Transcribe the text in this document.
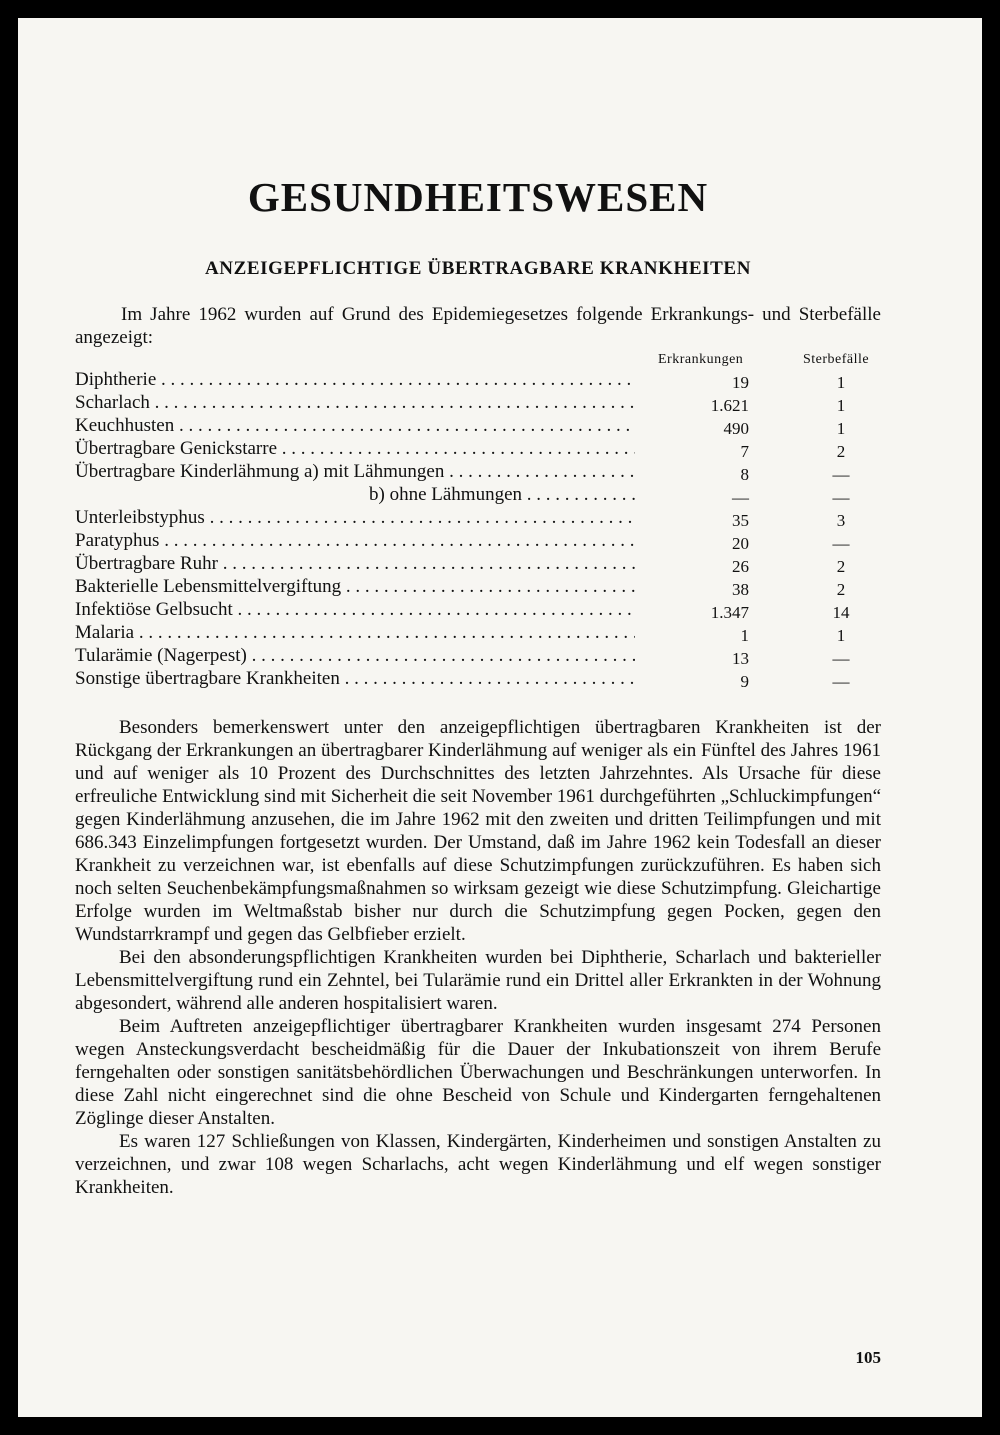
GESUNDHEITSWESEN
ANZEIGEPFLICHTIGE ÜBERTRAGBARE KRANKHEITEN

Im Jahre 1962 wurden auf Grund des Epidemiegesetzes folgende Erkrankungs- und Sterbefälle angezeigt:

Erkrankungen	Sterbefälle
Diphtherie . . .	19	1
Scharlach . . .	1.621	1
Keuchhusten . . .	490	1
Übertragbare Genickstarre . . .	7	2
Übertragbare Kinderlähmung a) mit Lähmungen . . .	8	—
b) ohne Lähmungen . . .	—	—
Unterleibstyphus . . .	35	3
Paratyphus . . .	20	—
Übertragbare Ruhr . . .	26	2
Bakterielle Lebensmittelvergiftung . . .	38	2
Infektiöse Gelbsucht . . .	1.347	14
Malaria . . .	1	1
Tularämie (Nagerpest) . . .	13	—
Sonstige übertragbare Krankheiten . . .	9	—

Besonders bemerkenswert unter den anzeigepflichtigen übertragbaren Krankheiten ist der Rückgang der Erkrankungen an übertragbarer Kinderlähmung auf weniger als ein Fünftel des Jahres 1961 und auf weniger als 10 Prozent des Durchschnittes des letzten Jahrzehntes. Als Ursache für diese erfreuliche Entwicklung sind mit Sicherheit die seit November 1961 durchgeführten „Schluckimpfungen“ gegen Kinderlähmung anzusehen, die im Jahre 1962 mit den zweiten und dritten Teilimpfungen und mit 686.343 Einzelimpfungen fortgesetzt wurden. Der Umstand, daß im Jahre 1962 kein Todesfall an dieser Krankheit zu verzeichnen war, ist ebenfalls auf diese Schutzimpfungen zurückzuführen. Es haben sich noch selten Seuchenbekämpfungsmaßnahmen so wirksam gezeigt wie diese Schutzimpfung. Gleichartige Erfolge wurden im Weltmaßstab bisher nur durch die Schutzimpfung gegen Pocken, gegen den Wundstarrkrampf und gegen das Gelbfieber erzielt.

Bei den absonderungspflichtigen Krankheiten wurden bei Diphtherie, Scharlach und bakterieller Lebensmittelvergiftung rund ein Zehntel, bei Tularämie rund ein Drittel aller Erkrankten in der Wohnung abgesondert, während alle anderen hospitalisiert waren.

Beim Auftreten anzeigepflichtiger übertragbarer Krankheiten wurden insgesamt 274 Personen wegen Ansteckungsverdacht bescheidmäßig für die Dauer der Inkubationszeit von ihrem Berufe ferngehalten oder sonstigen sanitätsbehördlichen Überwachungen und Beschränkungen unterworfen. In diese Zahl nicht eingerechnet sind die ohne Bescheid von Schule und Kindergarten ferngehaltenen Zöglinge dieser Anstalten.

Es waren 127 Schließungen von Klassen, Kindergärten, Kinderheimen und sonstigen Anstalten zu verzeichnen, und zwar 108 wegen Scharlachs, acht wegen Kinderlähmung und elf wegen sonstiger Krankheiten.

105
